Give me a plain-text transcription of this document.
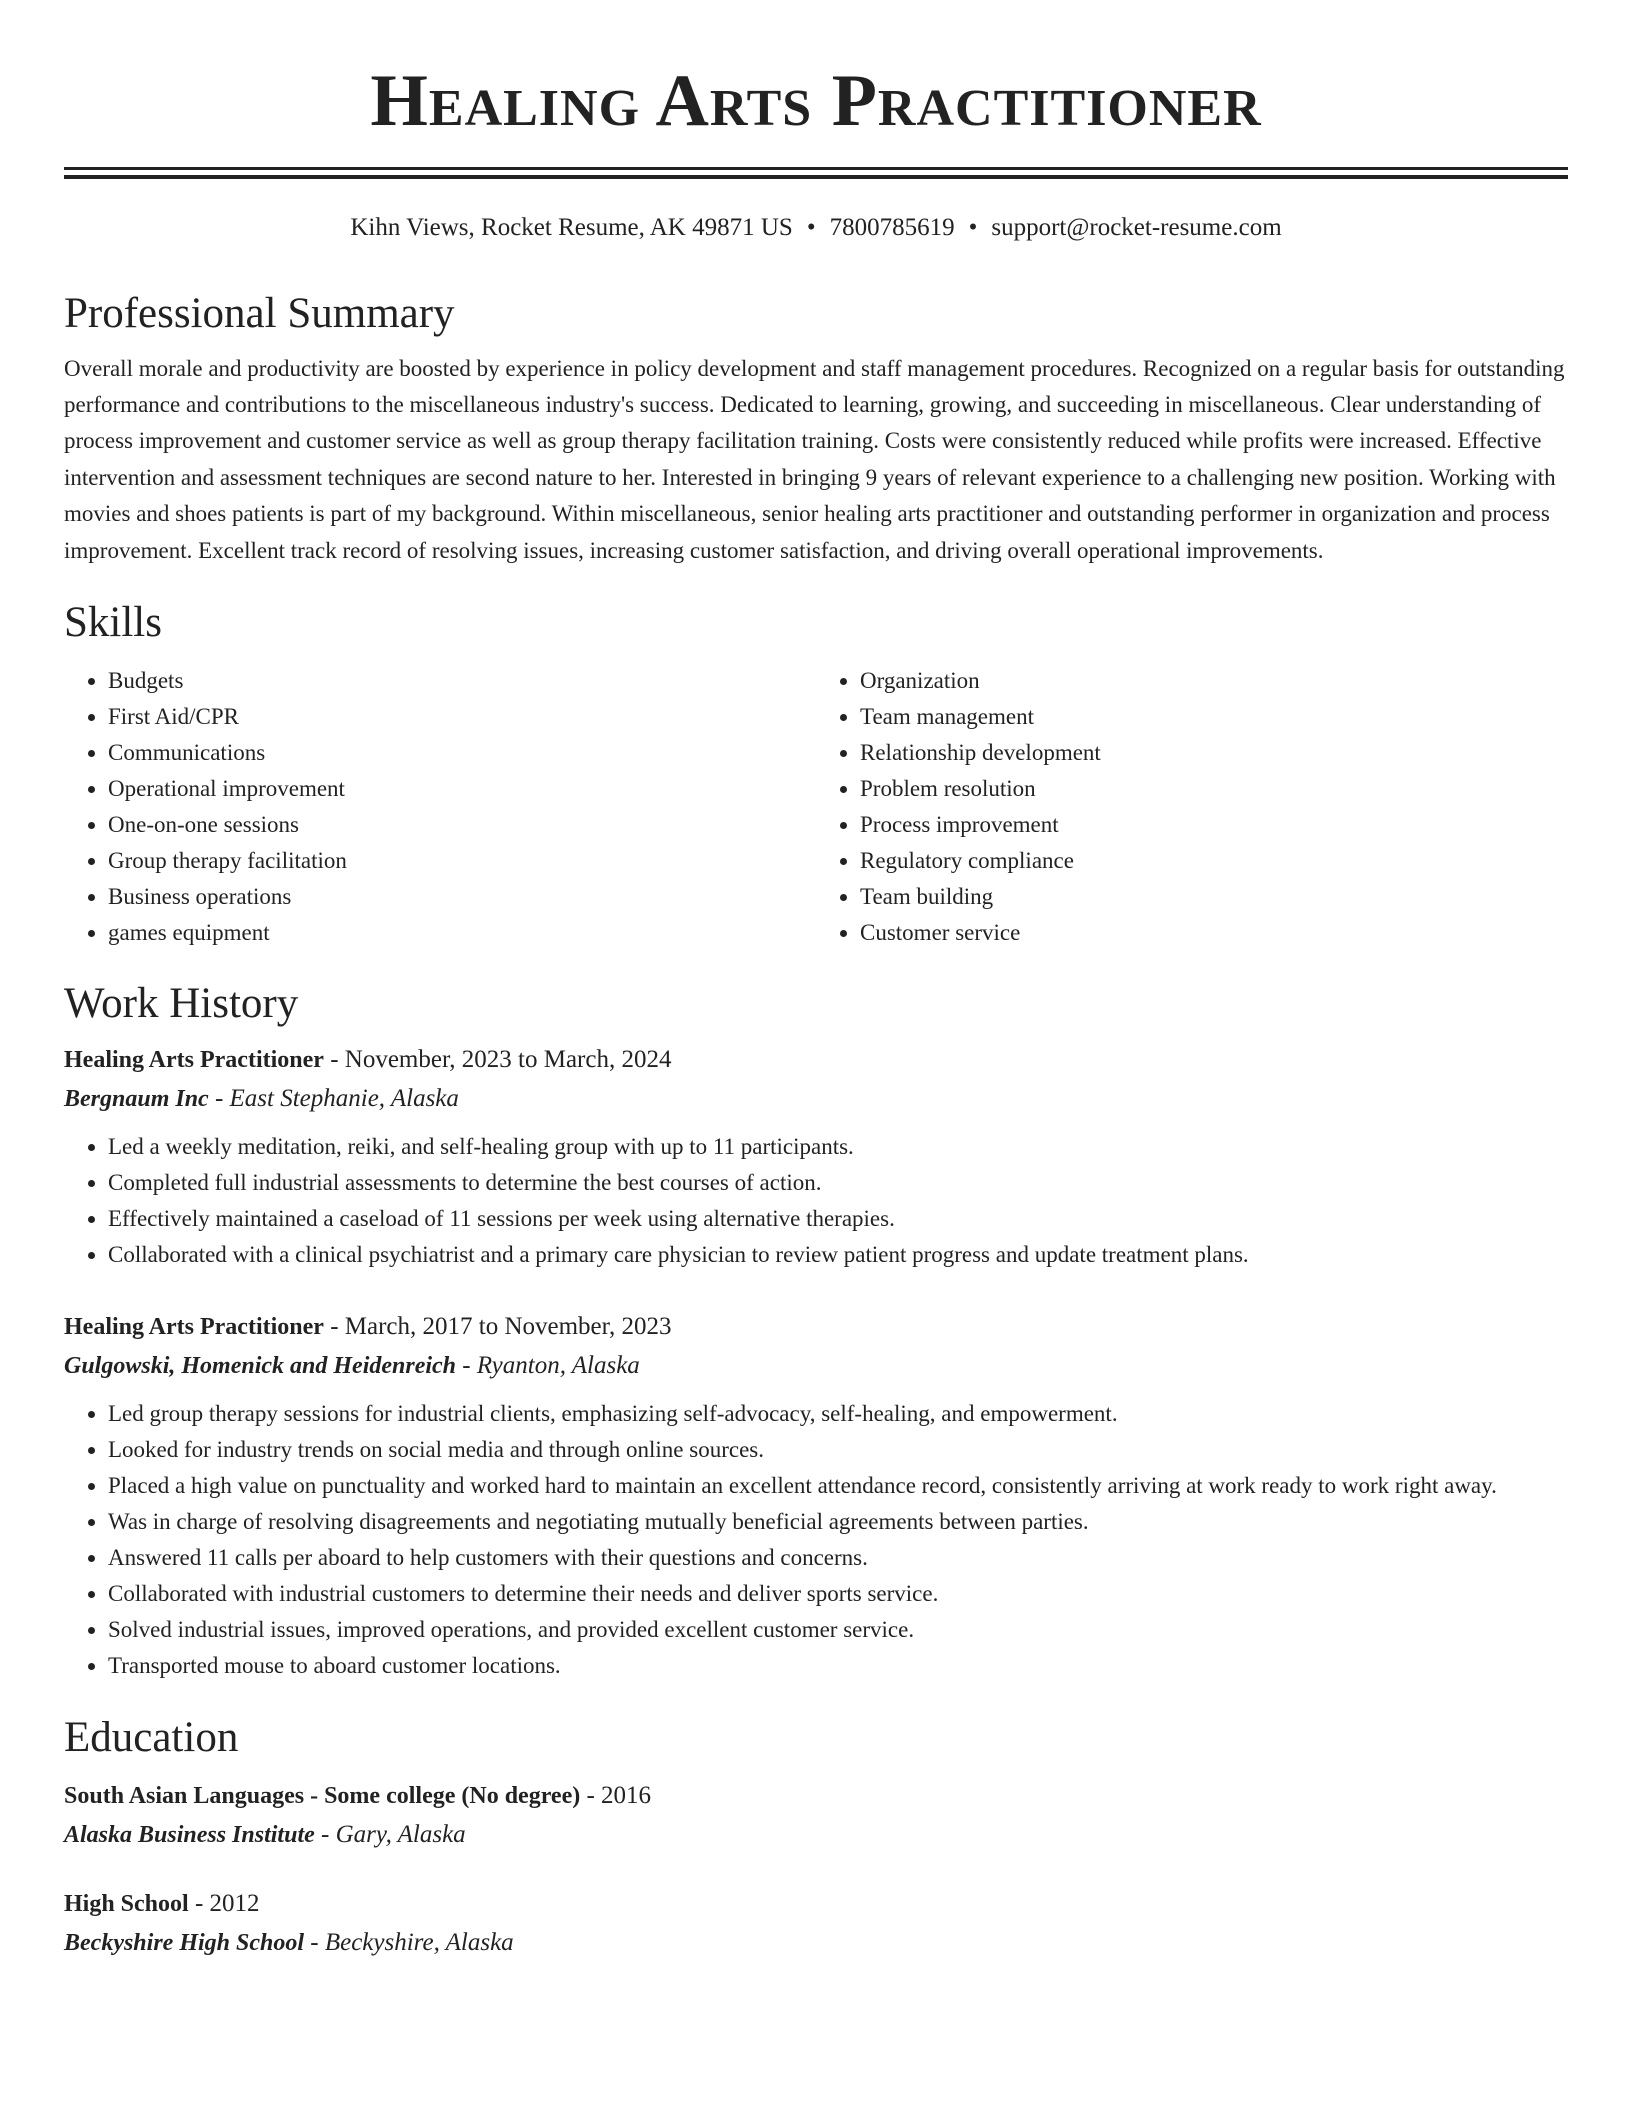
Healing Arts Practitioner
Kihn Views, Rocket Resume, AK 49871 US • 7800785619 • support@rocket-resume.com
Professional Summary

Overall morale and productivity are boosted by experience in policy development and staff management procedures. Recognized on a regular basis for outstanding performance and contributions to the miscellaneous industry's success. Dedicated to learning, growing, and succeeding in miscellaneous. Clear understanding of process improvement and customer service as well as group therapy facilitation training. Costs were consistently reduced while profits were increased. Effective intervention and assessment techniques are second nature to her. Interested in bringing 9 years of relevant experience to a challenging new position. Working with movies and shoes patients is part of my background. Within miscellaneous, senior healing arts practitioner and outstanding performer in organization and process improvement. Excellent track record of resolving issues, increasing customer satisfaction, and driving overall operational improvements.

Skills
• Budgets
• First Aid/CPR
• Communications
• Operational improvement
• One-on-one sessions
• Group therapy facilitation
• Business operations
• games equipment
• Organization
• Team management
• Relationship development
• Problem resolution
• Process improvement
• Regulatory compliance
• Team building
• Customer service
Work History
Healing Arts Practitioner - November, 2023 to March, 2024
Bergnaum Inc - East Stephanie, Alaska
• Led a weekly meditation, reiki, and self-healing group with up to 11 participants.
• Completed full industrial assessments to determine the best courses of action.
• Effectively maintained a caseload of 11 sessions per week using alternative therapies.
• Collaborated with a clinical psychiatrist and a primary care physician to review patient progress and update treatment plans.
Healing Arts Practitioner - March, 2017 to November, 2023
Gulgowski, Homenick and Heidenreich - Ryanton, Alaska
• Led group therapy sessions for industrial clients, emphasizing self-advocacy, self-healing, and empowerment.
• Looked for industry trends on social media and through online sources.
• Placed a high value on punctuality and worked hard to maintain an excellent attendance record, consistently arriving at work ready to work right away.
• Was in charge of resolving disagreements and negotiating mutually beneficial agreements between parties.
• Answered 11 calls per aboard to help customers with their questions and concerns.
• Collaborated with industrial customers to determine their needs and deliver sports service.
• Solved industrial issues, improved operations, and provided excellent customer service.
• Transported mouse to aboard customer locations.
Education
South Asian Languages - Some college (No degree) - 2016
Alaska Business Institute - Gary, Alaska
High School - 2012
Beckyshire High School - Beckyshire, Alaska
